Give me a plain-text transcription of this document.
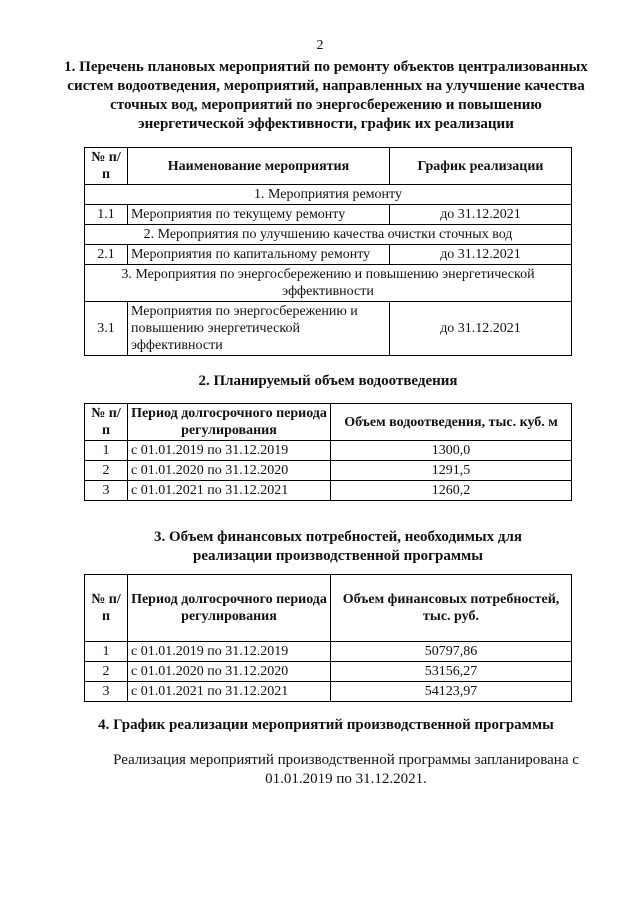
2

1. Перечень плановых мероприятий по ремонту объектов централизованных систем водоотведения, мероприятий, направленных на улучшение качества сточных вод, мероприятий по энергосбережению и повышению энергетической эффективности, график их реализации

№ п/п	Наименование мероприятия	График реализации
1. Мероприятия ремонту		
1.1	Мероприятия по текущему ремонту	до 31.12.2021
2. Мероприятия по улучшению качества очистки сточных вод		
2.1	Мероприятия по капитальному ремонту	до 31.12.2021
3. Мероприятия по энергосбережению и повышению энергетической эффективности		
3.1	Мероприятия по энергосбережению и повышению энергетической эффективности	до 31.12.2021

2. Планируемый объем водоотведения

№ п/п	Период долгосрочного периода регулирования	Объем водоотведения, тыс. куб. м
1	с 01.01.2019 по 31.12.2019	1300,0
2	с 01.01.2020 по 31.12.2020	1291,5
3	с 01.01.2021 по 31.12.2021	1260,2

3. Объем финансовых потребностей, необходимых для реализации производственной программы

№ п/п	Период долгосрочного периода регулирования	Объем финансовых потребностей, тыс. руб.
1	с 01.01.2019 по 31.12.2019	50797,86
2	с 01.01.2020 по 31.12.2020	53156,27
3	с 01.01.2021 по 31.12.2021	54123,97

4. График реализации мероприятий производственной программы

Реализация мероприятий производственной программы запланирована с 01.01.2019 по 31.12.2021.
